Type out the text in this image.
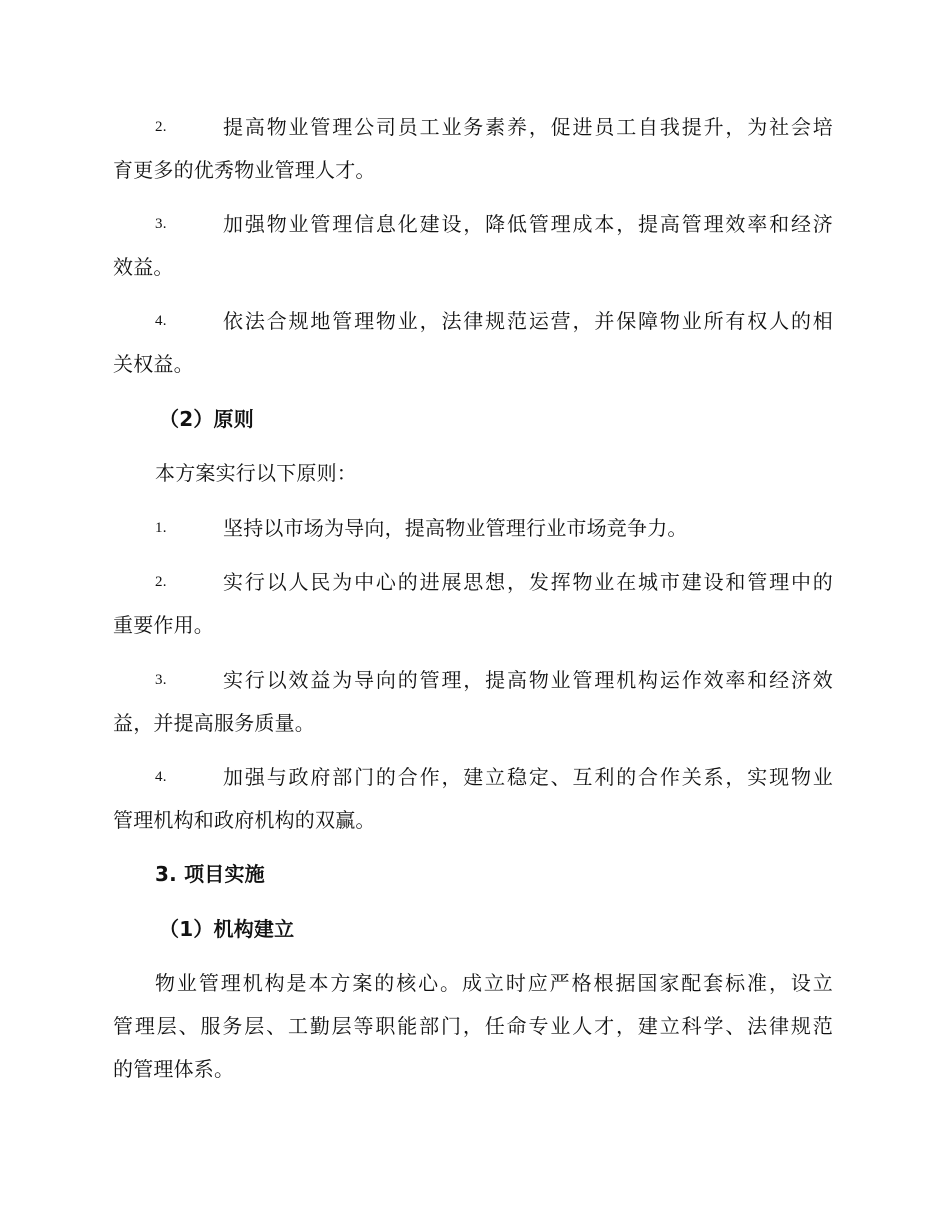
2.	提高物业管理公司员工业务素养，促进员工自我提升，为社会培
育更多的优秀物业管理人才。
3.	加强物业管理信息化建设，降低管理成本，提高管理效率和经济
效益。
4.	依法合规地管理物业，法律规范运营，并保障物业所有权人的相
关权益。
（2）原则
本方案实行以下原则：
1.	坚持以市场为导向，提高物业管理行业市场竞争力。
2.	实行以人民为中心的进展思想，发挥物业在城市建设和管理中的
重要作用。
3.	实行以效益为导向的管理，提高物业管理机构运作效率和经济效
益，并提高服务质量。
4.	加强与政府部门的合作，建立稳定、互利的合作关系，实现物业
管理机构和政府机构的双赢。
3. 项目实施
（1）机构建立
物业管理机构是本方案的核心。成立时应严格根据国家配套标准，设立
管理层、服务层、工勤层等职能部门，任命专业人才，建立科学、法律规范
的管理体系。
